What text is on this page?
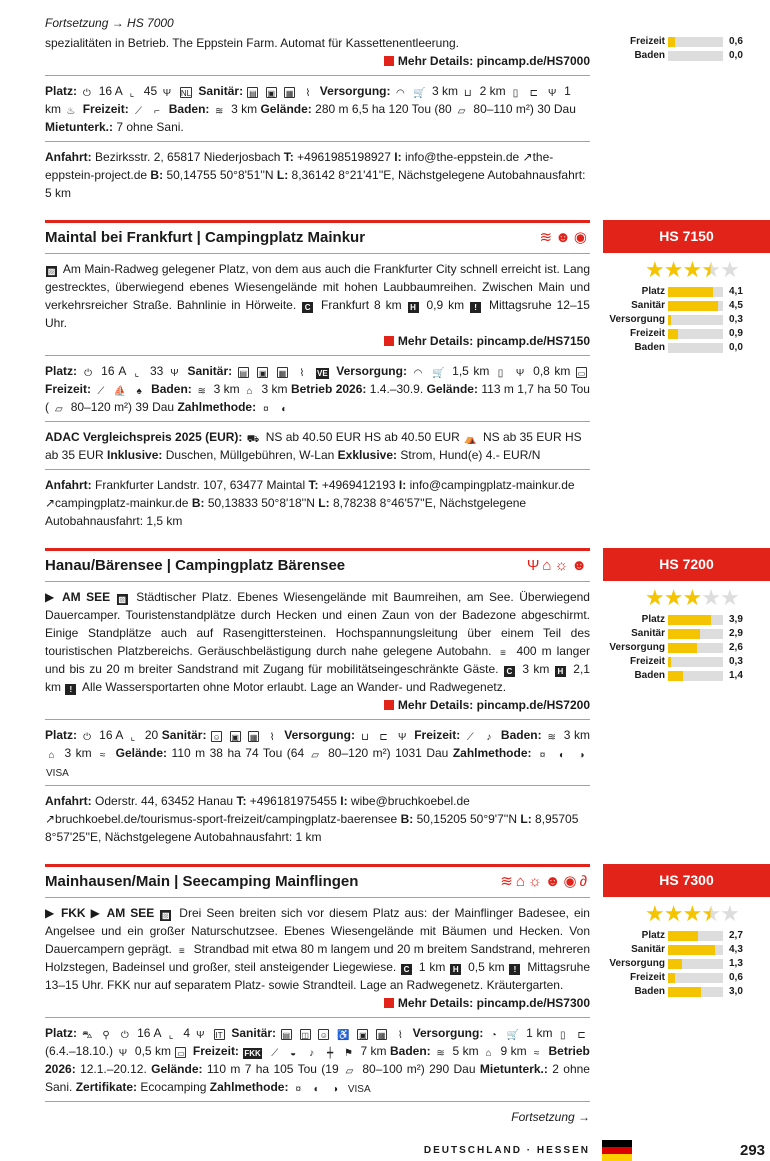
Freizeit	0,6
Baden	0,0
Fortsetzung → HS 7000
spezialitäten in Betrieb. The Eppstein Farm. Automat für Kassettenentleerung.
Mehr Details: pincamp.de/HS7000
Platz: ⏻ 16 A ⌞ 45 Ψ NL Sanitär: ▤ ▣ ▦ ⌇ Versorgung: ◠ 🛒 3 km ⊔ 2 km ▯ ⊏ Ψ 1 km ♨ Freizeit: ⟋ ⌐ Baden: ≋ 3 km Gelände: 280 m 6,5 ha 120 Tou (80 ▱ 80–110 m²) 30 Dau Mietunterk.: 7 ohne Sani.
Anfahrt: Bezirksstr. 2, 65817 Niederjosbach T: +4961985198927 I: info@the-eppstein.de ↗the-eppstein-project.de B: 50,14755 50°8'51''N L: 8,36142 8°21'41''E, Nächstgelegene Autobahnausfahrt: 5 km
HS 7150
★★★★★
Platz	4,1
Sanitär	4,5
Versorgung	0,3
Freizeit	0,9
Baden	0,0
Maintal bei Frankfurt | Campingplatz Mainkur	≋☻◉
▨ Am Main-Radweg gelegener Platz, von dem aus auch die Frankfurter City schnell erreicht ist. Lang gestrecktes, überwiegend ebenes Wiesengelände mit hohen Laubbaumreihen. Zwischen Main und verkehrsreicher Straße. Bahnlinie in Hörweite. C Frankfurt 8 km H 0,9 km ! Mittagsruhe 12–15 Uhr.
Mehr Details: pincamp.de/HS7150
Platz: ⏻ 16 A ⌞ 33 Ψ Sanitär: ▤ ▣ ▦ ⌇ VE Versorgung: ◠ 🛒 1,5 km ▯ Ψ 0,8 km ▭ Freizeit: ⟋ ⛵ ♠ Baden: ≋ 3 km ⌂ 3 km Betrieb 2026: 1.4.–30.9. Gelände: 113 m 1,7 ha 50 Tou ( ▱ 80–120 m²) 39 Dau Zahlmethode: ¤ ◐
ADAC Vergleichspreis 2025 (EUR): ⛟ NS ab 40.50 EUR HS ab 40.50 EUR ⛺ NS ab 35 EUR HS ab 35 EUR Inklusive: Duschen, Müllgebühren, W-Lan Exklusive: Strom, Hund(e) 4.- EUR/N
Anfahrt: Frankfurter Landstr. 107, 63477 Maintal T: +4969412193 I: info@campingplatz-mainkur.de ↗campingplatz-mainkur.de B: 50,13833 50°8'18''N L: 8,78238 8°46'57''E, Nächstgelegene Autobahnausfahrt: 1,5 km
HS 7200
★★★★★
Platz	3,9
Sanitär	2,9
Versorgung	2,6
Freizeit	0,3
Baden	1,4
Hanau/Bärensee | Campingplatz Bärensee	Ψ⌂☼☻
▶ AM SEE ▨ Städtischer Platz. Ebenes Wiesengelände mit Baumreihen, am See. Überwiegend Dauercamper. Touristenstandplätze durch Hecken und einen Zaun von der Badezone abgeschirmt. Einige Standplätze auch auf Rasengittersteinen. Hochspannungsleitung über einem Teil des touristischen Platzbereichs. Geräuschbelästigung durch nahe gelegene Autobahn. ≡ 400 m langer und bis zu 20 m breiter Sandstrand mit Zugang für mobilitätseingeschränkte Gäste. C 3 km H 2,1 km ! Alle Wassersportarten ohne Motor erlaubt. Lage an Wander- und Radwegenetz.
Mehr Details: pincamp.de/HS7200
Platz: ⏻ 16 A ⌞ 20 Sanitär: ☺ ▣ ▦ ⌇ Versorgung: ⊔ ⊏ Ψ Freizeit: ⟋ ♪ Baden: ≋ 3 km ⌂ 3 km ≈ Gelände: 110 m 38 ha 74 Tou (64 ▱ 80–120 m²) 1031 Dau Zahlmethode: ¤ ◐ ◑ VISA
Anfahrt: Oderstr. 44, 63452 Hanau T: +496181975455 I: wibe@bruchkoebel.de ↗bruchkoebel.de/tourismus-sport-freizeit/campingplatz-baerensee B: 50,15205 50°9'7''N L: 8,95705 8°57'25''E, Nächstgelegene Autobahnausfahrt: 1 km
HS 7300
★★★★★
Platz	2,7
Sanitär	4,3
Versorgung	1,3
Freizeit	0,6
Baden	3,0
Mainhausen/Main | Seecamping Mainflingen	≋⌂☼☻◉∂
▶ FKK ▶ AM SEE ▨ Drei Seen breiten sich vor diesem Platz aus: der Mainflinger Badesee, ein Angelsee und ein großer Naturschutzsee. Ebenes Wiesengelände mit Bäumen und Hecken. Von Dauercampern geprägt. ≡ Strandbad mit etwa 80 m langem und 20 m breitem Sandstrand, mehreren Holzstegen, Badeinsel und großer, steil ansteigender Liegewiese. C 1 km H 0,5 km ! Mittagsruhe 13–15 Uhr. FKK nur auf separatem Platz- sowie Strandteil. Lage an Radwegenetz. Kräutergarten.
Mehr Details: pincamp.de/HS7300
Platz: ⛍ ⚲ ⏻ 16 A ⌞ 4 Ψ IT Sanitär: ▤ ◫ ☺ ♿ ▣ ▦ ⌇ Versorgung: ◔ 🛒 1 km ▯ ⊏ (6.4.–18.10.) Ψ 0,5 km ▭ Freizeit: FKK ⟋ ◒ ♪ ┿ ⚑ 7 km Baden: ≋ 5 km ⌂ 9 km ≈ Betrieb 2026: 12.1.–20.12. Gelände: 110 m 7 ha 105 Tou (19 ▱ 80–100 m²) 290 Dau Mietunterk.: 2 ohne Sani. Zertifikate: Ecocamping Zahlmethode: ¤ ◐ ◑ VISA
Fortsetzung →
DEUTSCHLAND · HESSEN	293
